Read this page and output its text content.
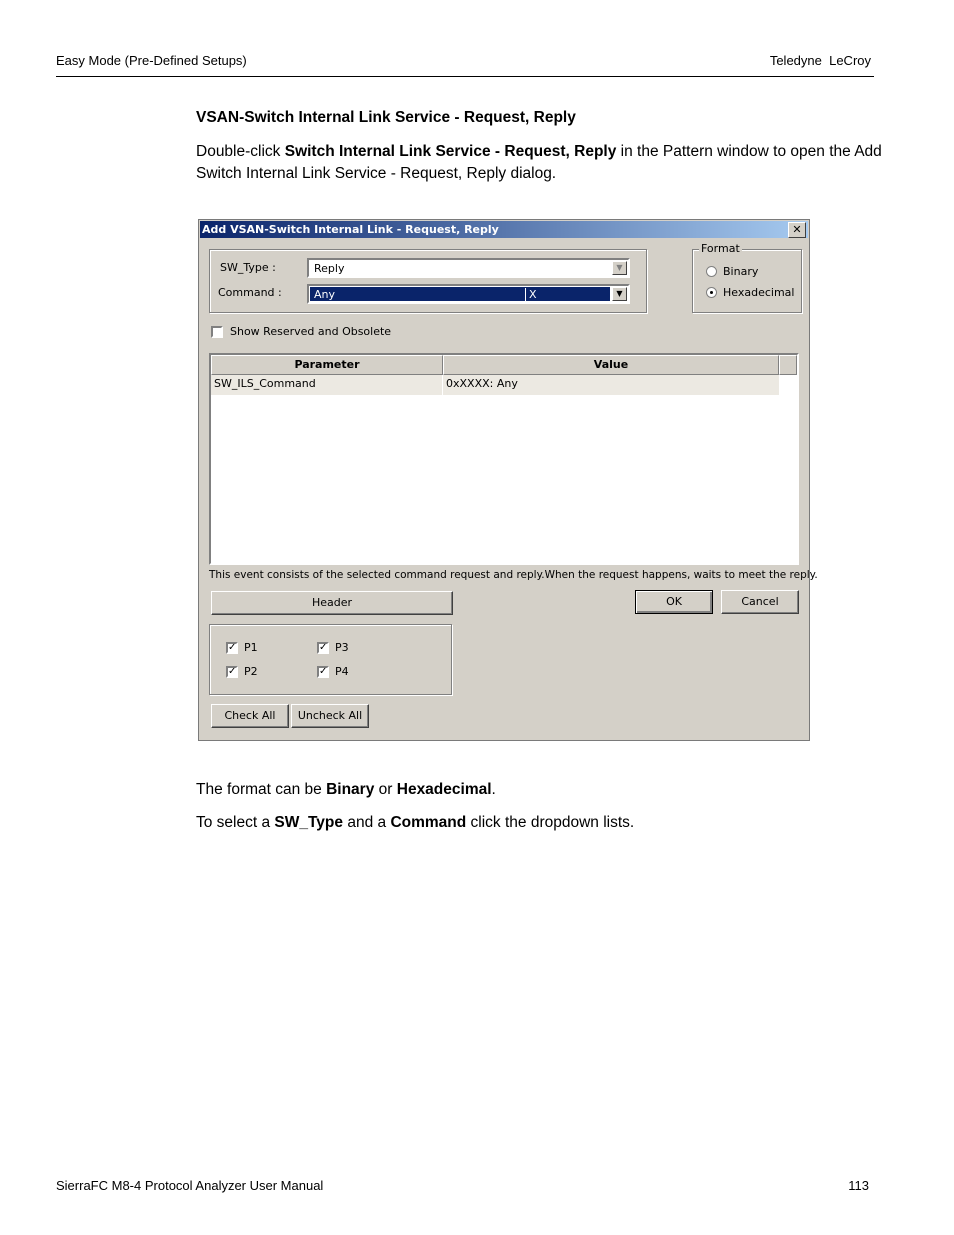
Easy Mode (Pre-Defined Setups)	Teledyne  LeCroy
VSAN-Switch Internal Link Service - Request, Reply
Double-click Switch Internal Link Service - Request, Reply in the Pattern window to open the Add Switch Internal Link Service - Request, Reply dialog.
Add VSAN-Switch Internal Link - Request, Reply	✕
SW_Type :	Reply	▼
Command :	Any	X	▼
Format
Binary
Hexadecimal
Show Reserved and Obsolete
Parameter	Value
SW_ILS_Command	0xXXXX: Any
This event consists of the selected command request and reply.When the request happens, waits to meet the reply.
Header	OK	Cancel
✓ P1
✓ P2
✓ P3
✓ P4
Check All	Uncheck All
The format can be Binary or Hexadecimal.
To select a SW_Type and a Command click the dropdown lists.
SierraFC M8-4 Protocol Analyzer User Manual	113
